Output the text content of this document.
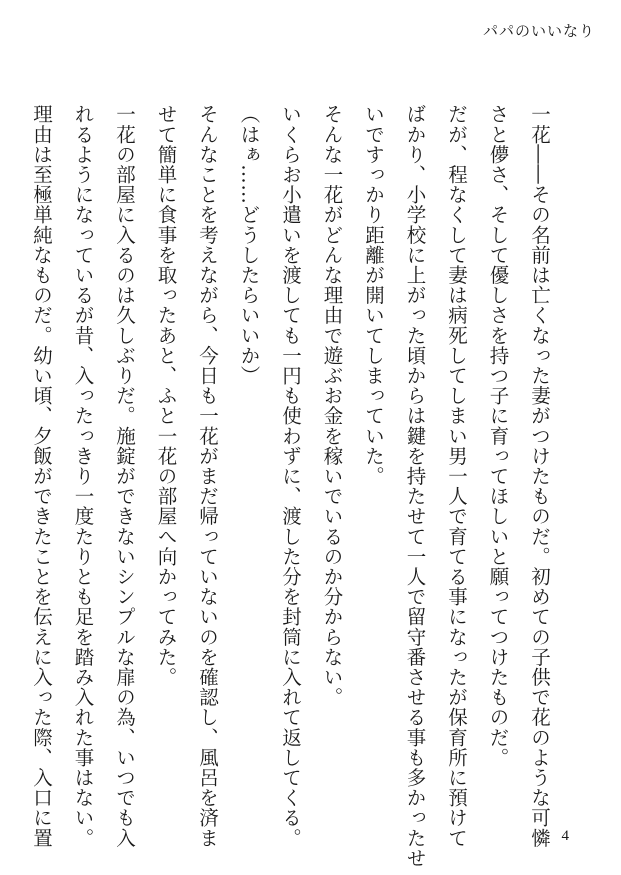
パパのいいなり

一花――その名前は亡くなった妻がつけたものだ。初めての子供で花のような可憐

さと儚さ、そして優しさを持つ子に育ってほしいと願ってつけたものだ。

だが、程なくして妻は病死してしまい男一人で育てる事になったが保育所に預けて

ばかり、小学校に上がった頃からは鍵を持たせて一人で留守番させる事も多かったせ

いですっかり距離が開いてしまっていた。

そんな一花がどんな理由で遊ぶお金を稼いでいるのか分からない。

いくらお小遣いを渡しても一円も使わずに、渡した分を封筒に入れて返してくる。

（はぁ……どうしたらいいか）

そんなことを考えながら、今日も一花がまだ帰っていないのを確認し、風呂を済ま

せて簡単に食事を取ったあと、ふと一花の部屋へ向かってみた。

一花の部屋に入るのは久しぶりだ。施錠ができないシンプルな扉の為、いつでも入

れるようになっているが昔、入ったっきり一度たりとも足を踏み入れた事はない。

理由は至極単純なものだ。幼い頃、夕飯ができたことを伝えに入った際、入口に置	4
